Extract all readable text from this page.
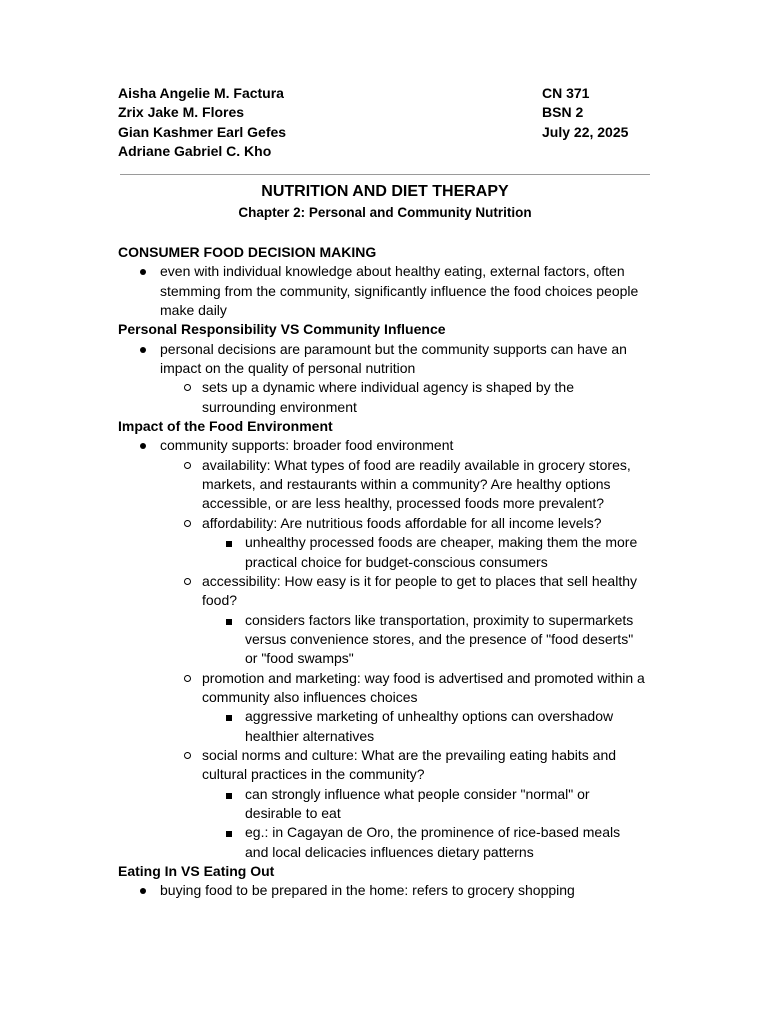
Aisha Angelie M. Factura
Zrix Jake M. Flores
Gian Kashmer Earl Gefes
Adriane Gabriel C. Kho
CN 371
BSN 2
July 22, 2025
NUTRITION AND DIET THERAPY
Chapter 2: Personal and Community Nutrition
CONSUMER FOOD DECISION MAKING
even with individual knowledge about healthy eating, external factors, often
stemming from the community, significantly influence the food choices people
make daily
Personal Responsibility VS Community Influence
personal decisions are paramount but the community supports can have an
impact on the quality of personal nutrition
sets up a dynamic where individual agency is shaped by the
surrounding environment
Impact of the Food Environment
community supports: broader food environment
availability: What types of food are readily available in grocery stores,
markets, and restaurants within a community? Are healthy options
accessible, or are less healthy, processed foods more prevalent?
affordability: Are nutritious foods affordable for all income levels?
unhealthy processed foods are cheaper, making them the more
practical choice for budget-conscious consumers
accessibility: How easy is it for people to get to places that sell healthy
food?
considers factors like transportation, proximity to supermarkets
versus convenience stores, and the presence of "food deserts"
or "food swamps"
promotion and marketing: way food is advertised and promoted within a
community also influences choices
aggressive marketing of unhealthy options can overshadow
healthier alternatives
social norms and culture: What are the prevailing eating habits and
cultural practices in the community?
can strongly influence what people consider "normal" or
desirable to eat
eg.: in Cagayan de Oro, the prominence of rice-based meals
and local delicacies influences dietary patterns
Eating In VS Eating Out
buying food to be prepared in the home: refers to grocery shopping
